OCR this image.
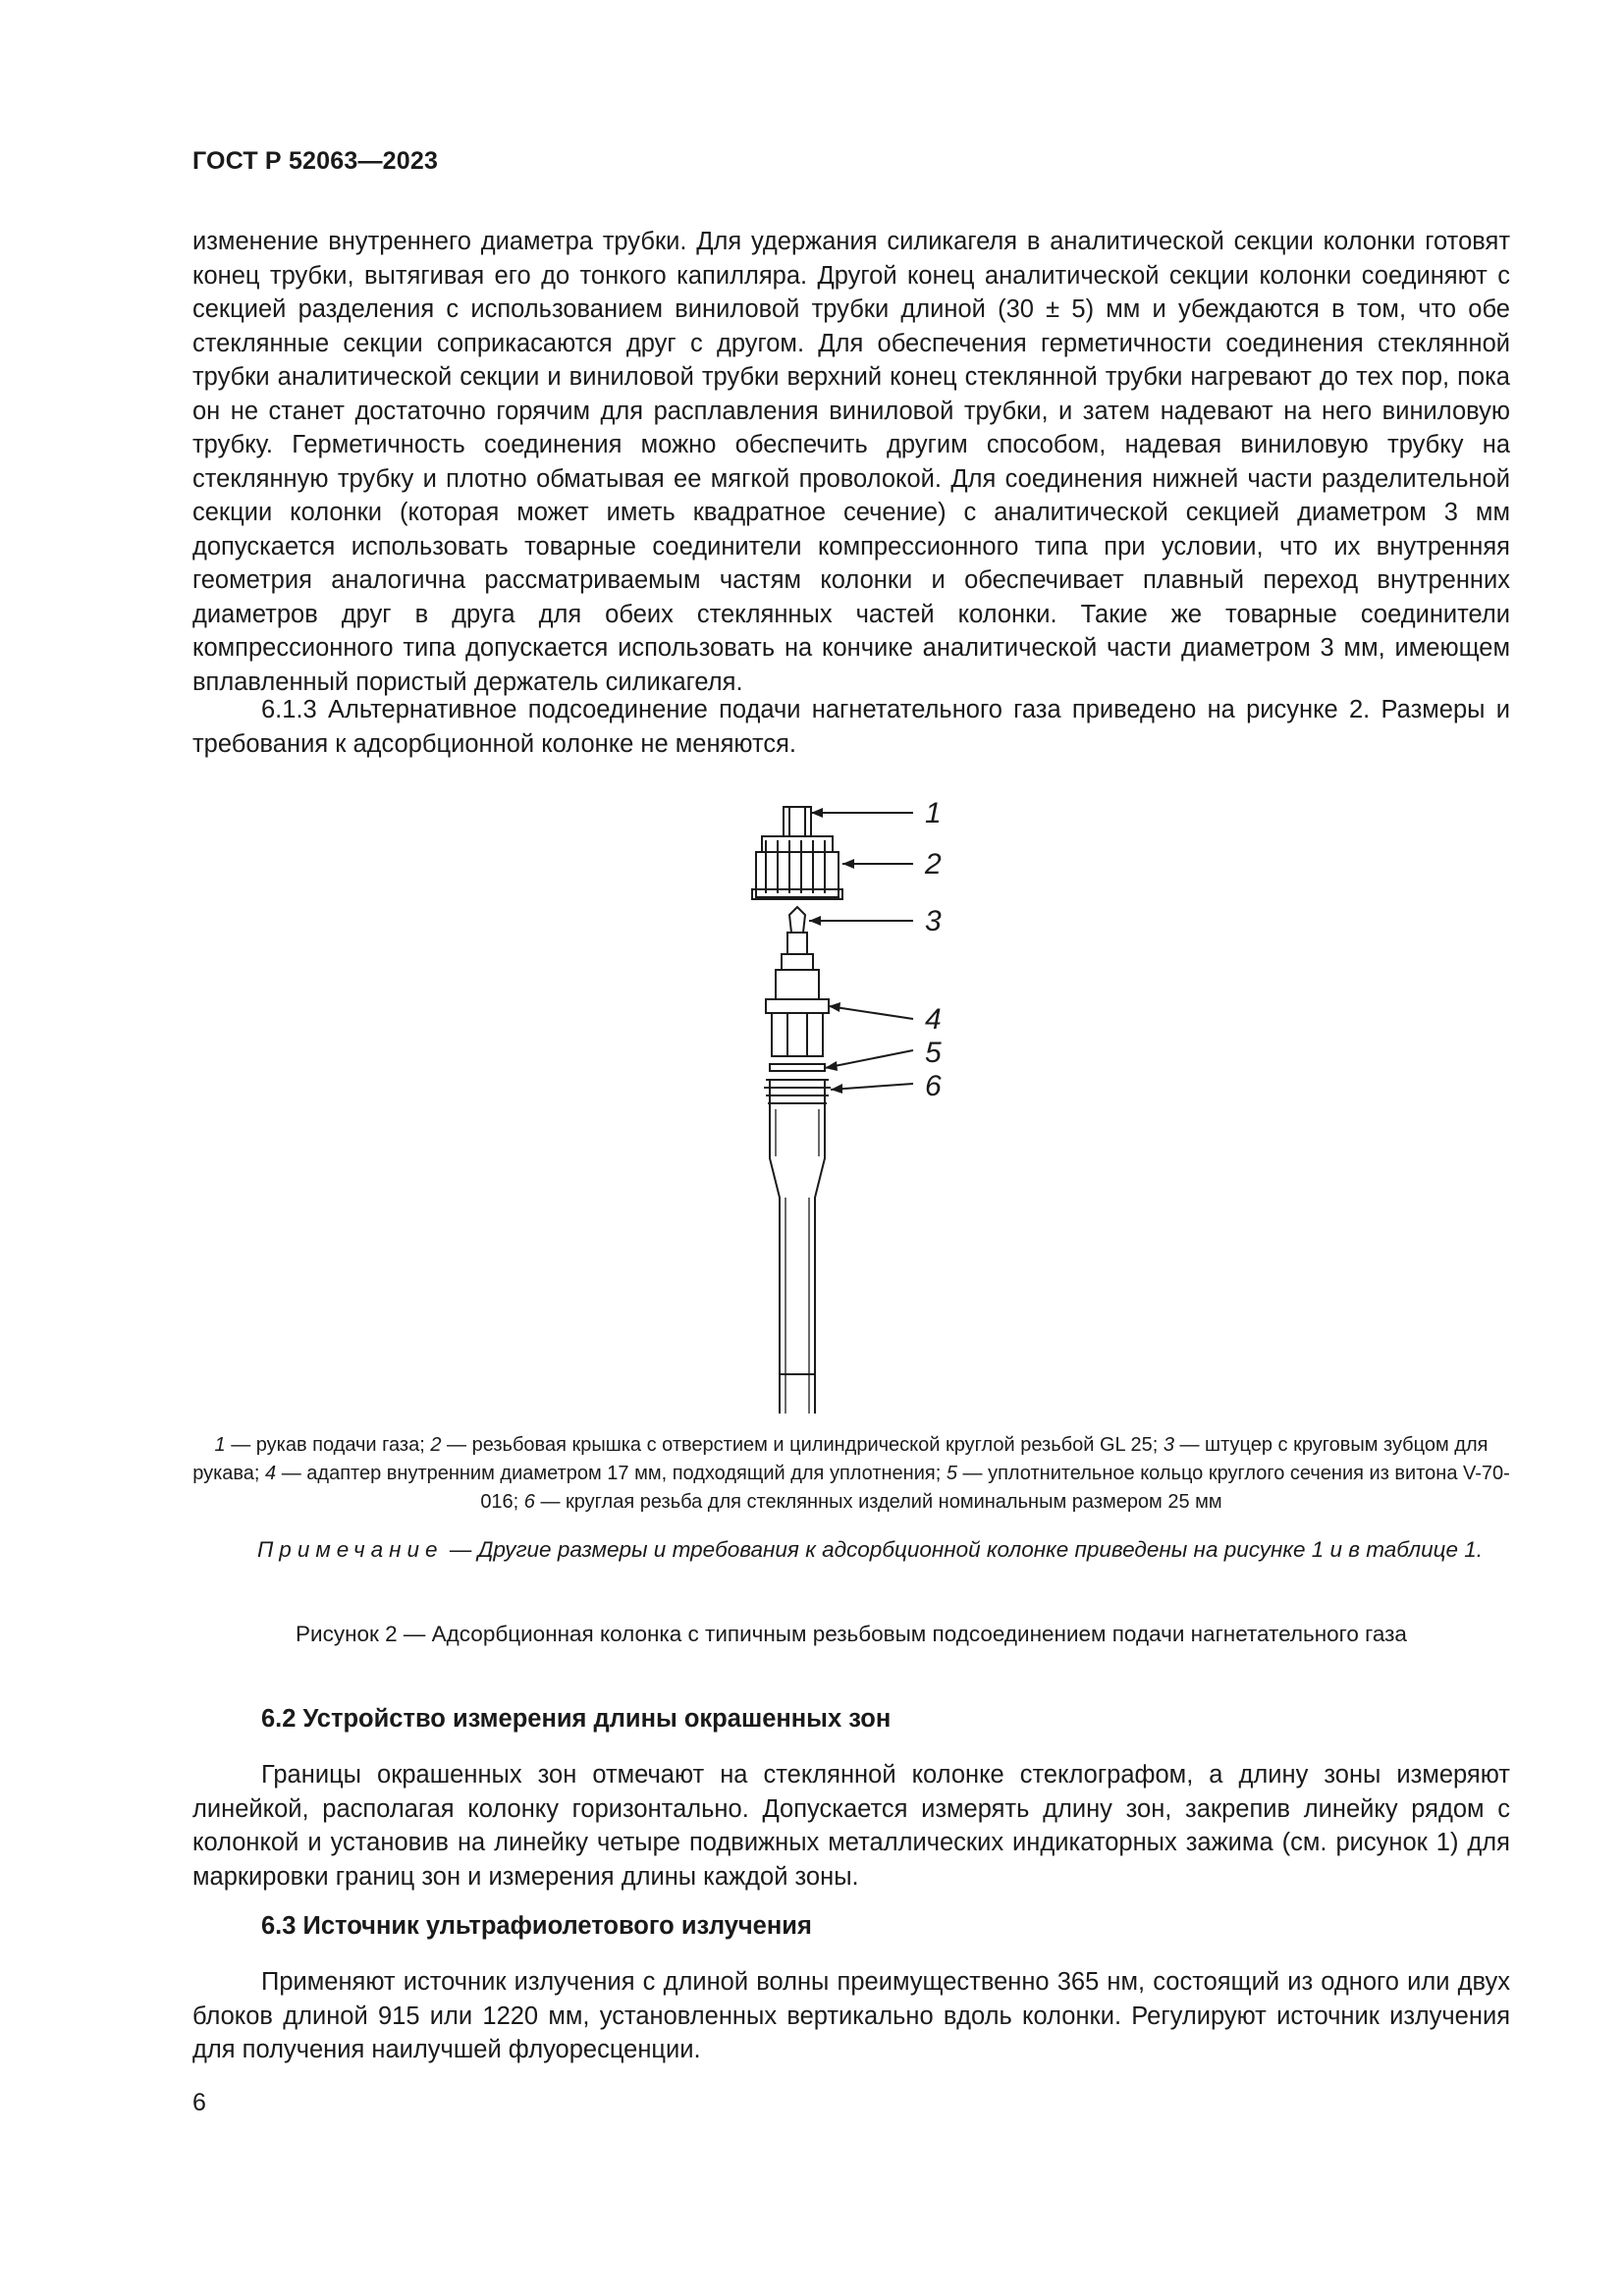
ГОСТ Р 52063—2023

изменение внутреннего диаметра трубки. Для удержания силикагеля в аналитической секции колонки готовят конец трубки, вытягивая его до тонкого капилляра. Другой конец аналитической секции колонки соединяют с секцией разделения с использованием виниловой трубки длиной (30 ± 5) мм и убеждаются в том, что обе стеклянные секции соприкасаются друг с другом. Для обеспечения герметичности соединения стеклянной трубки аналитической секции и виниловой трубки верхний конец стеклянной трубки нагревают до тех пор, пока он не станет достаточно горячим для расплавления виниловой трубки, и затем надевают на него виниловую трубку. Герметичность соединения можно обеспечить другим способом, надевая виниловую трубку на стеклянную трубку и плотно обматывая ее мягкой проволокой. Для соединения нижней части разделительной секции колонки (которая может иметь квадратное сечение) с аналитической секцией диаметром 3 мм допускается использовать товарные соединители компрессионного типа при условии, что их внутренняя геометрия аналогична рассматриваемым частям колонки и обеспечивает плавный переход внутренних диаметров друг в друга для обеих стеклянных частей колонки. Такие же товарные соединители компрессионного типа допускается использовать на кончике аналитической части диаметром 3 мм, имеющем вплавленный пористый держатель силикагеля.

6.1.3 Альтернативное подсоединение подачи нагнетательного газа приведено на рисунке 2. Размеры и требования к адсорбционной колонке не меняются.

1
2
3
4
5
6
1 — рукав подачи газа; 2 — резьбовая крышка с отверстием и цилиндрической круглой резьбой GL 25; 3 — штуцер с круговым зубцом для рукава; 4 — адаптер внутренним диаметром 17 мм, подходящий для уплотнения; 5 — уплотнительное кольцо круглого сечения из витона V-70-016; 6 — круглая резьба для стеклянных изделий номинальным размером 25 мм
Примечание — Другие размеры и требования к адсорбционной колонке приведены на рисунке 1 и в таблице 1.
Рисунок 2 — Адсорбционная колонка с типичным резьбовым подсоединением подачи нагнетательного газа
6.2 Устройство измерения длины окрашенных зон

Границы окрашенных зон отмечают на стеклянной колонке стеклографом, а длину зоны измеряют линейкой, располагая колонку горизонтально. Допускается измерять длину зон, закрепив линейку рядом с колонкой и установив на линейку четыре подвижных металлических индикаторных зажима (см. рисунок 1) для маркировки границ зон и измерения длины каждой зоны.

6.3 Источник ультрафиолетового излучения

Применяют источник излучения с длиной волны преимущественно 365 нм, состоящий из одного или двух блоков длиной 915 или 1220 мм, установленных вертикально вдоль колонки. Регулируют источник излучения для получения наилучшей флуоресценции.

6
